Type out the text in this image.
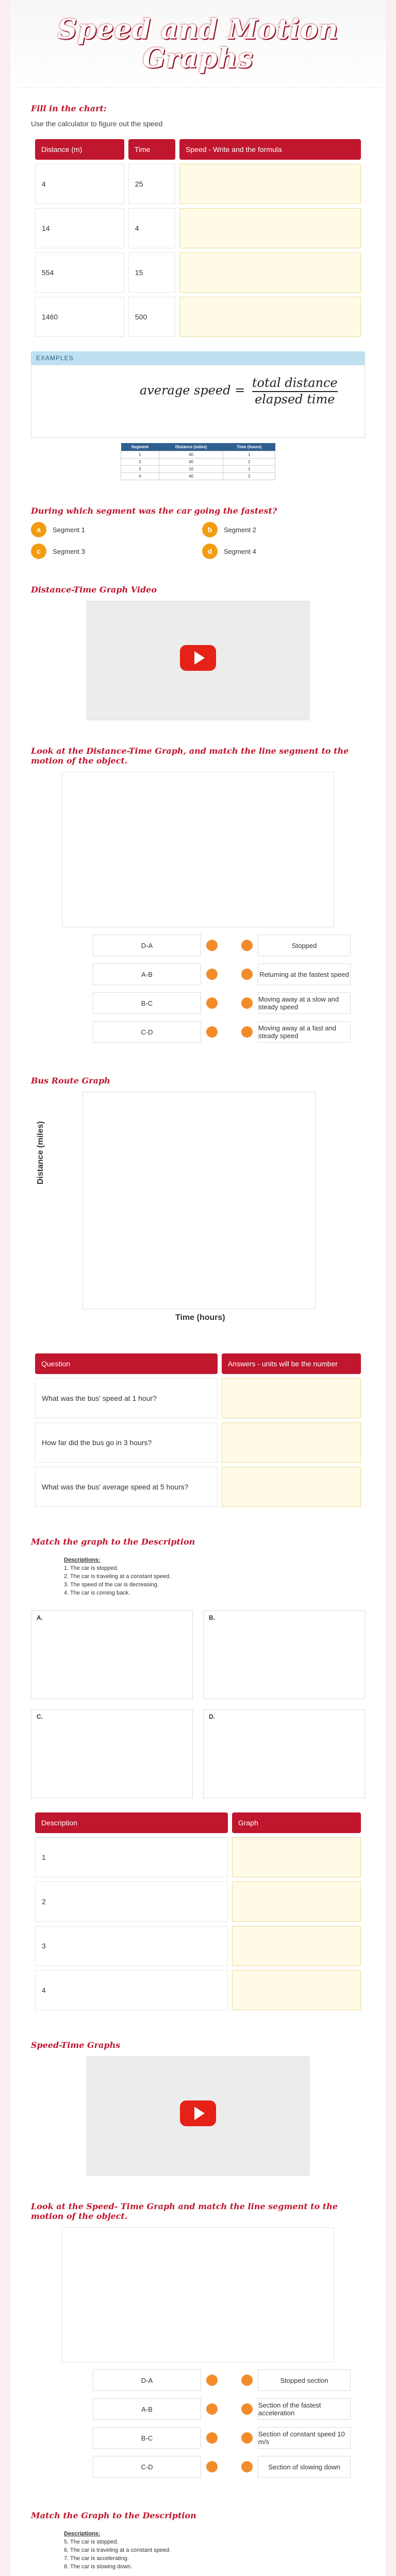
Speed and Motion Graphs
Fill in the chart:
Use the calculator to figure out the speed
Distance (m)	Time	Speed - Write and the formula
4	25	
14	4	
554	15	
1460	500	
EXAMPLES
average speed = $\frac{\text{total distance}}{\text{elapsed time}}$
Segment	Distance (miles)	Time (hours)
1	40	1
2	40	2
3	10	1
4	40	2
During which segment was the car going the fastest?
a	Segment 1	b	Segment 2
c	Segment 3	d	Segment 4
Distance-Time Graph Video
Look at the Distance-Time Graph, and match the line segment to the motion of the object.
D-A	Stopped
A-B	Returning at the fastest speed
B-C	Moving away at a slow and steady speed
C-D	Moving away at a fast and steady speed
Bus Route Graph
Time (hours)
Distance (miles)
Question	Answers - units will be the number
What was the bus' speed at 1 hour?	
How far did the bus go in 3 hours?	
What was the bus' average speed at 5 hours?	
Match the graph to the Description
Descriptions:
1. The car is stopped.
2. The car is traveling at a constant speed.
3. The speed of the car is decreasing.
4. The car is coming back.
A.	B.
C.	D.
Description	Graph
1	
2	
3	
4	
Speed-Time Graphs
Look at the Speed- Time Graph and match the line segment to the motion of the object.
D-A	Stopped section
A-B	Section of the fastest acceleration
B-C	Section of constant speed 10 m/s
C-D	Section of slowing down
Match the Graph to the Description
Descriptions:
5. The car is stopped.
6. The car is traveling at a constant speed.
7. The car is accelerating.
8. The car is slowing down.
